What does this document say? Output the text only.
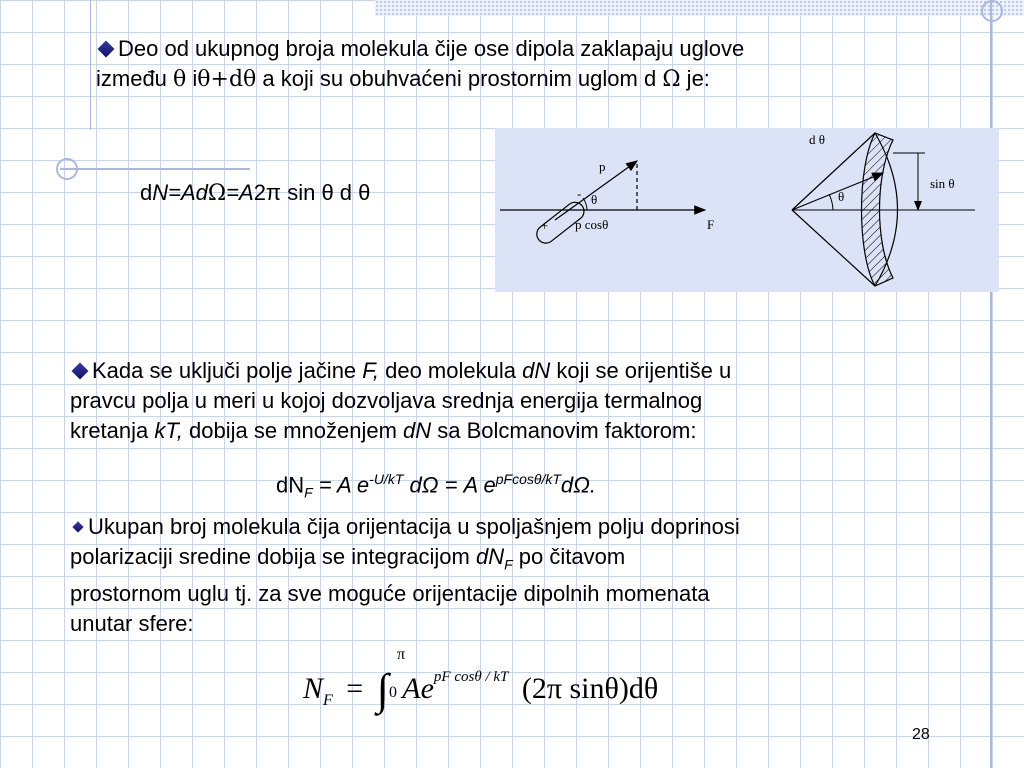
Deo od ukupnog broja molekula čije ose dipola zaklapaju uglove
između θ iθ+dθ a koji su obuhvaćeni prostornim uglom d Ω je:
dN=AdΩ=A2π sin θ d θ
p
- θ
+ p cosθ	F
d θ
θ
sin θ
Kada se uključi polje jačine F, deo molekula dN koji se orijentiše u
pravcu polja u meri u kojoj dozvoljava srednja energija termalnog
kretanja kT, dobija se množenjem dN sa Bolcmanovim faktorom:
$dN_F = A$ $e^{-U/kT}$ dΩ = A $e^{pFcos\theta/kT}d\Omega$.
Ukupan broj molekula čija orijentacija u spoljašnjem polju doprinosi
polarizaciji sredine dobija se integracijom $dN_F$ po čitavom
prostornom uglu tj. za sve moguće orijentacije dipolnih momenata
unutar sfere:
$N_F$ = ∫
π
0 $Ae^{pF cos\theta / kT}$ (2π sinθ)dθ
28
